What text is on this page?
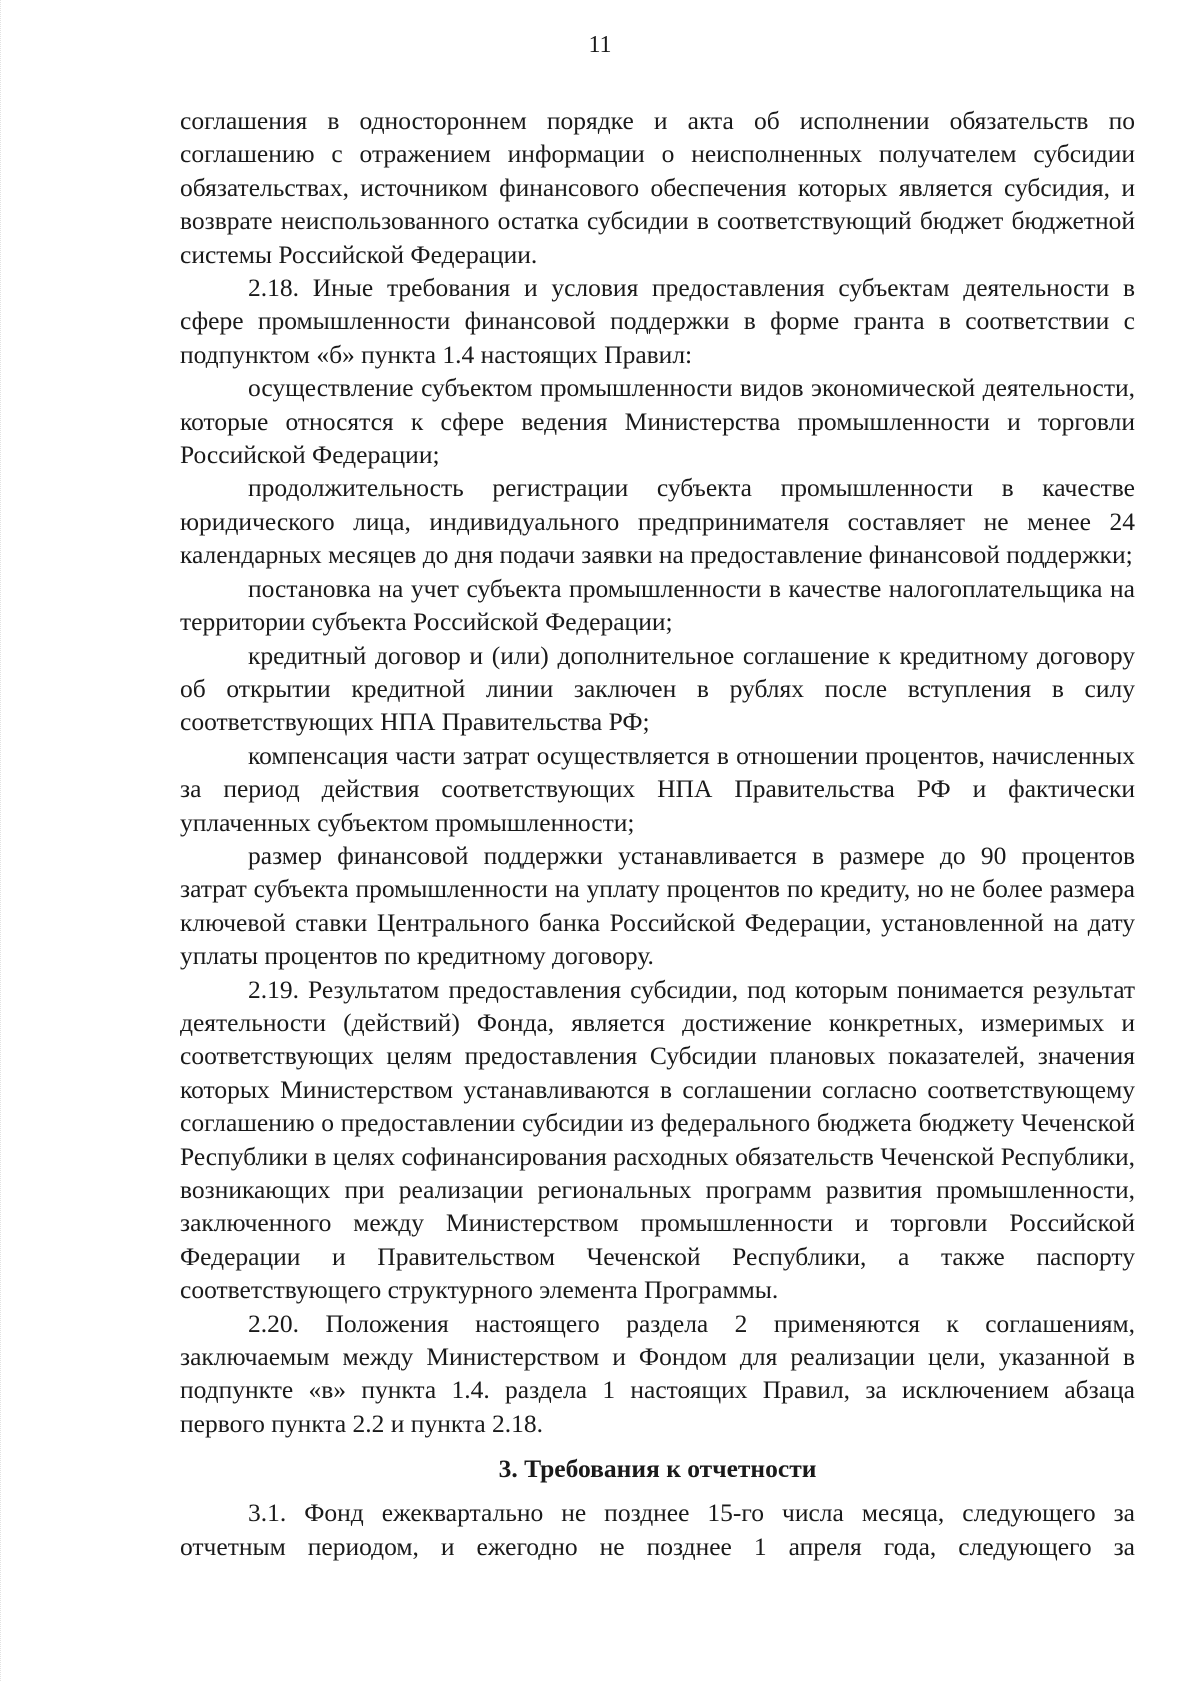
11

соглашения в одностороннем порядке и акта об исполнении обязательств по соглашению с отражением информации о неисполненных получателем субсидии обязательствах, источником финансового обеспечения которых является субсидия, и возврате неиспользованного остатка субсидии в соответствующий бюджет бюджетной системы Российской Федерации.

2.18. Иные требования и условия предоставления субъектам деятельности в сфере промышленности финансовой поддержки в форме гранта в соответствии с подпунктом «б» пункта 1.4 настоящих Правил:

осуществление субъектом промышленности видов экономической деятельности, которые относятся к сфере ведения Министерства промышленности и торговли Российской Федерации;

продолжительность регистрации субъекта промышленности в качестве юридического лица, индивидуального предпринимателя составляет не менее 24 календарных месяцев до дня подачи заявки на предоставление финансовой поддержки;

постановка на учет субъекта промышленности в качестве налогоплательщика на территории субъекта Российской Федерации;

кредитный договор и (или) дополнительное соглашение к кредитному договору об открытии кредитной линии заключен в рублях после вступления в силу соответствующих НПА Правительства РФ;

компенсация части затрат осуществляется в отношении процентов, начисленных за период действия соответствующих НПА Правительства РФ и фактически уплаченных субъектом промышленности;

размер финансовой поддержки устанавливается в размере до 90 процентов затрат субъекта промышленности на уплату процентов по кредиту, но не более размера ключевой ставки Центрального банка Российской Федерации, установленной на дату уплаты процентов по кредитному договору.

2.19. Результатом предоставления субсидии, под которым понимается результат деятельности (действий) Фонда, является достижение конкретных, измеримых и соответствующих целям предоставления Субсидии плановых показателей, значения которых Министерством устанавливаются в соглашении согласно соответствующему соглашению о предоставлении субсидии из федерального бюджета бюджету Чеченской Республики в целях софинансирования расходных обязательств Чеченской Республики, возникающих при реализации региональных программ развития промышленности, заключенного между Министерством промышленности и торговли Российской Федерации и Правительством Чеченской Республики, а также паспорту соответствующего структурного элемента Программы.

2.20. Положения настоящего раздела 2 применяются к соглашениям, заключаемым между Министерством и Фондом для реализации цели, указанной в подпункте «в» пункта 1.4. раздела 1 настоящих Правил, за исключением абзаца первого пункта 2.2 и пункта 2.18.

3. Требования к отчетности

3.1. Фонд ежеквартально не позднее 15-го числа месяца, следующего за отчетным периодом, и ежегодно не позднее 1 апреля года, следующего за
